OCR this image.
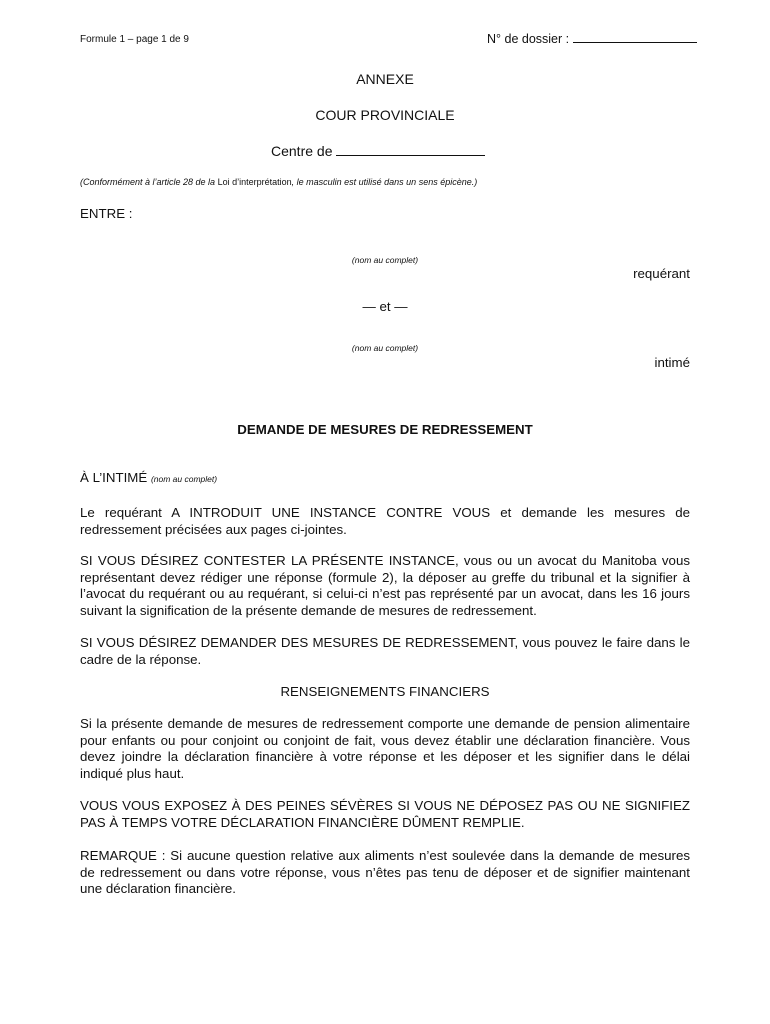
Formule 1 – page 1 de 9	N° de dossier :
ANNEXE
COUR PROVINCIALE
Centre de
(Conformément à l’article 28 de la Loi d’interprétation, le masculin est utilisé dans un sens épicène.)
ENTRE :
(nom au complet)
requérant
— et —
(nom au complet)
intimé
DEMANDE DE MESURES DE REDRESSEMENT
À L’INTIMÉ (nom au complet)

Le requérant A INTRODUIT UNE INSTANCE CONTRE VOUS et demande les mesures de redressement précisées aux pages ci-jointes.

SI VOUS DÉSIREZ CONTESTER LA PRÉSENTE INSTANCE, vous ou un avocat du Manitoba vous représentant devez rédiger une réponse (formule 2), la déposer au greffe du tribunal et la signifier à l’avocat du requérant ou au requérant, si celui-ci n’est pas représenté par un avocat, dans les 16 jours suivant la signification de la présente demande de mesures de redressement.

SI VOUS DÉSIREZ DEMANDER DES MESURES DE REDRESSEMENT, vous pouvez le faire dans le cadre de la réponse.

RENSEIGNEMENTS FINANCIERS

Si la présente demande de mesures de redressement comporte une demande de pension alimentaire pour enfants ou pour conjoint ou conjoint de fait, vous devez établir une déclaration financière. Vous devez joindre la déclaration financière à votre réponse et les déposer et les signifier dans le délai indiqué plus haut.

VOUS VOUS EXPOSEZ À DES PEINES SÉVÈRES SI VOUS NE DÉPOSEZ PAS OU NE SIGNIFIEZ PAS À TEMPS VOTRE DÉCLARATION FINANCIÈRE DÛMENT REMPLIE.

REMARQUE : Si aucune question relative aux aliments n’est soulevée dans la demande de mesures de redressement ou dans votre réponse, vous n’êtes pas tenu de déposer et de signifier maintenant une déclaration financière.
